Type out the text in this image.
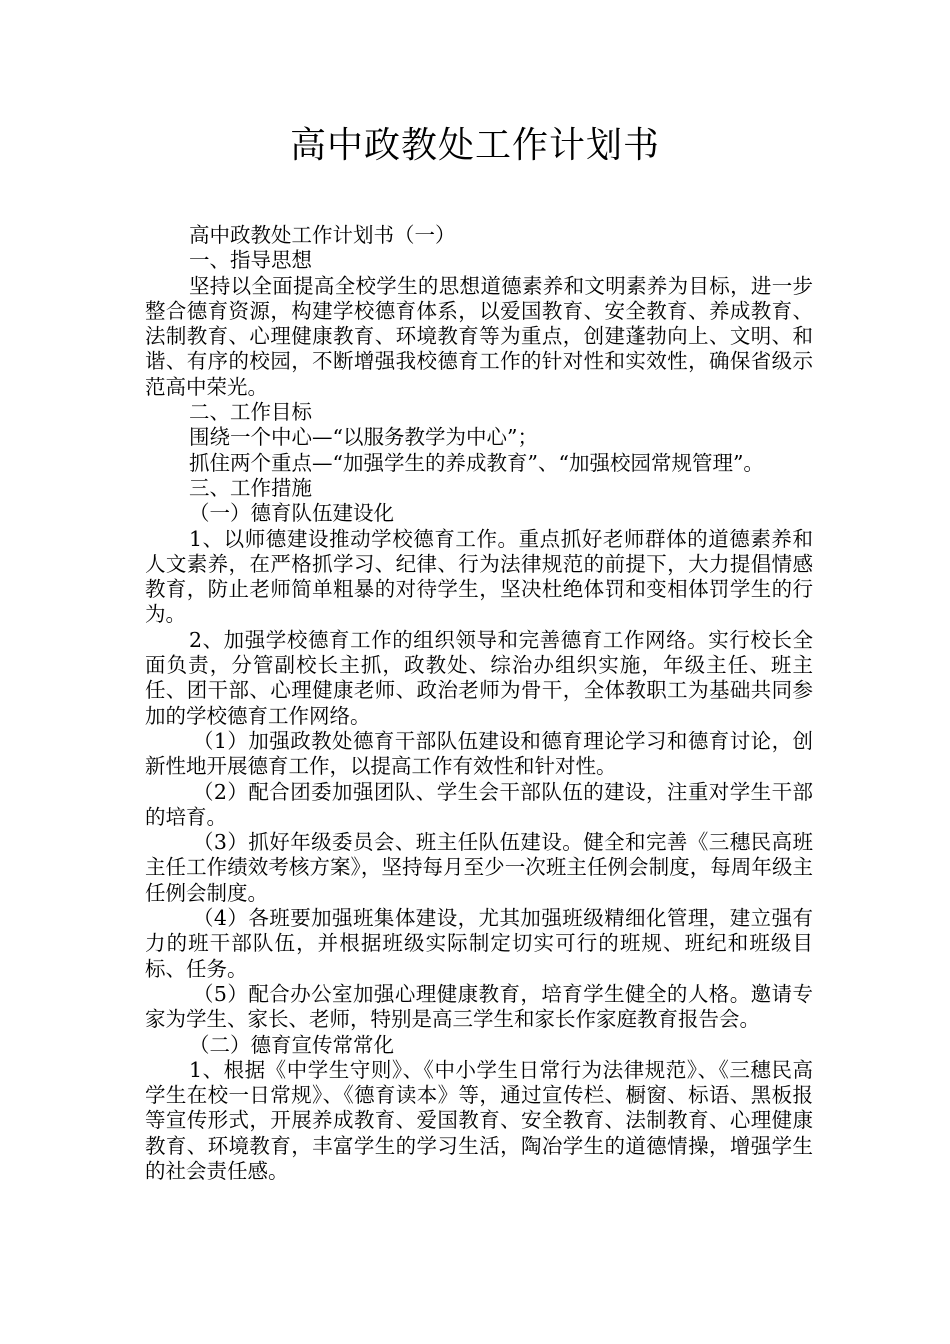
高中政教处工作计划书

高中政教处工作计划书（一）

一、指导思想

坚持以全面提高全校学生的思想道德素养和文明素养为目标，进一步整合德育资源，构建学校德育体系，以爱国教育、安全教育、养成教育、法制教育、心理健康教育、环境教育等为重点，创建蓬勃向上、文明、和谐、有序的校园，不断增强我校德育工作的针对性和实效性，确保省级示范高中荣光。

二、工作目标

围绕一个中心—“以服务教学为中心”；

抓住两个重点—“加强学生的养成教育”、“加强校园常规管理”。

三、工作措施

（一）德育队伍建设化

1、以师德建设推动学校德育工作。重点抓好老师群体的道德素养和人文素养，在严格抓学习、纪律、行为法律规范的前提下，大力提倡情感教育，防止老师简单粗暴的对待学生，坚决杜绝体罚和变相体罚学生的行为。

2、加强学校德育工作的组织领导和完善德育工作网络。实行校长全面负责，分管副校长主抓，政教处、综治办组织实施，年级主任、班主任、团干部、心理健康老师、政治老师为骨干，全体教职工为基础共同参加的学校德育工作网络。

（1）加强政教处德育干部队伍建设和德育理论学习和德育讨论，创新性地开展德育工作，以提高工作有效性和针对性。

（2）配合团委加强团队、学生会干部队伍的建设，注重对学生干部的培育。

（3）抓好年级委员会、班主任队伍建设。健全和完善《三穗民高班主任工作绩效考核方案》，坚持每月至少一次班主任例会制度，每周年级主任例会制度。

（4）各班要加强班集体建设，尤其加强班级精细化管理，建立强有力的班干部队伍，并根据班级实际制定切实可行的班规、班纪和班级目标、任务。

（5）配合办公室加强心理健康教育，培育学生健全的人格。邀请专家为学生、家长、老师，特别是高三学生和家长作家庭教育报告会。

（二）德育宣传常常化

1、根据《中学生守则》、《中小学生日常行为法律规范》、《三穗民高学生在校一日常规》、《德育读本》等，通过宣传栏、橱窗、标语、黑板报等宣传形式，开展养成教育、爱国教育、安全教育、法制教育、心理健康教育、环境教育，丰富学生的学习生活，陶冶学生的道德情操，增强学生的社会责任感。
